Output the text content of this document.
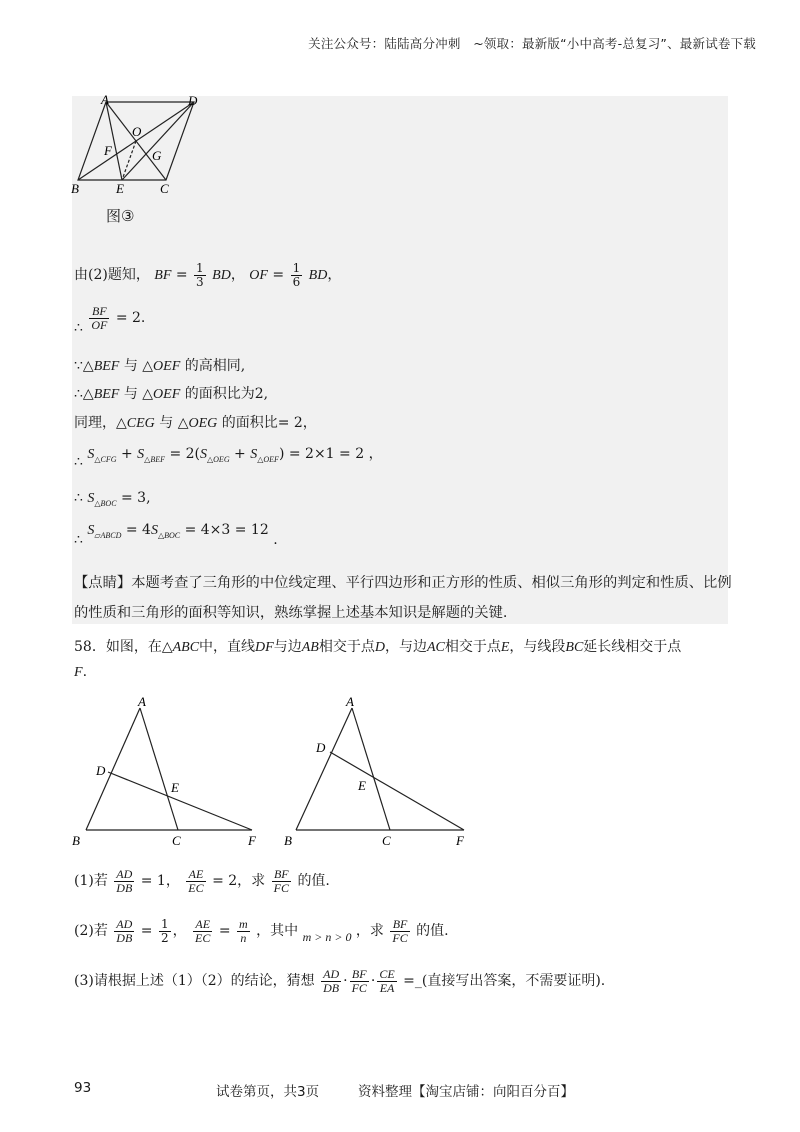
关注公众号：陆陆高分冲刺　~领取：最新版“小中高考-总复习”、最新试卷下载
A	D
O
F	G
B	E	C
图③
由(2)题知， BF = $\frac{1}{3}$ BD， OF = $\frac{1}{6}$ BD，
∴ $\frac{BF}{OF} = 2$.
∵△BEF 与 △OEF 的高相同,
∴△BEF 与 △OEF 的面积比为2,
同理，△CEG 与 △OEG 的面积比= 2，
∴ $S_{\triangle CFG} + S_{\triangle BEF} = 2(S_{\triangle OEG} + S_{\triangle OEF}) = 2\times 1 = 2$ ，
∴ $S_{\triangle BOC} = 3$,
∴ $S_{▱ABCD} = 4S_{\triangle BOC} = 4\times 3 = 12$ .
【点睛】本题考查了三角形的中位线定理、平行四边形和正方形的性质、相似三角形的判定和性质、比例
的性质和三角形的面积等知识，熟练掌握上述基本知识是解题的关键.
58．如图，在△ABC中，直线DF与边AB相交于点D，与边AC相交于点E，与线段BC延长线相交于点
F.
A
D
E
B	C	F
A
D
E
B	C	F
(1)若 $\frac{AD}{DB} = 1$， $\frac{AE}{EC} = 2$，求 $\frac{BF}{FC}$ 的值.
(2)若 $\frac{AD}{DB} = \frac{1}{2}$ ， $\frac{AE}{EC} = \frac{m}{n}$ ，其中 m > n > 0 ，求 $\frac{BF}{FC}$ 的值.
(3)请根据上述（1）（2）的结论，猜想 $\frac{AD}{DB} \cdot \frac{BF}{FC} \cdot \frac{CE}{EA}$ =_(直接写出答案，不需要证明).
93	试卷第页，共3页	资料整理【淘宝店铺：向阳百分百】
